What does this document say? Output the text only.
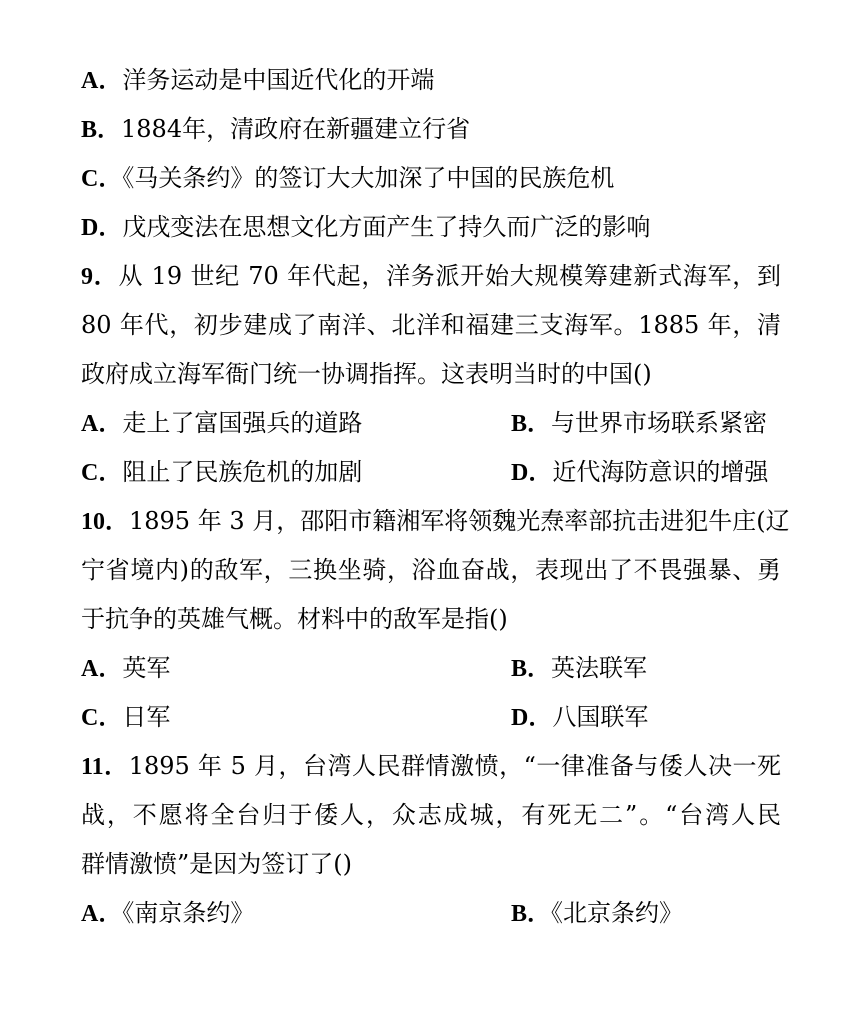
A．洋务运动是中国近代化的开端
B．1884年，清政府在新疆建立行省
C．《马关条约》的签订大大加深了中国的民族危机
D．戊戌变法在思想文化方面产生了持久而广泛的影响
9．从 19 世纪 70 年代起，洋务派开始大规模筹建新式海军，到
80 年代，初步建成了南洋、北洋和福建三支海军。1885 年，清
政府成立海军衙门统一协调指挥。这表明当时的中国()
A．走上了富国强兵的道路	B．与世界市场联系紧密
C．阻止了民族危机的加剧	D．近代海防意识的增强
10．1895 年 3 月，邵阳市籍湘军将领魏光焘率部抗击进犯牛庄(辽
宁省境内)的敌军，三换坐骑，浴血奋战，表现出了不畏强暴、勇
于抗争的英雄气概。材料中的敌军是指()
A．英军	B．英法联军
C．日军	D．八国联军
11．1895 年 5 月，台湾人民群情激愤，“一律准备与倭人决一死
战，不愿将全台归于倭人，众志成城，有死无二”。“台湾人民
群情激愤”是因为签订了()
A．《南京条约》	B．《北京条约》
